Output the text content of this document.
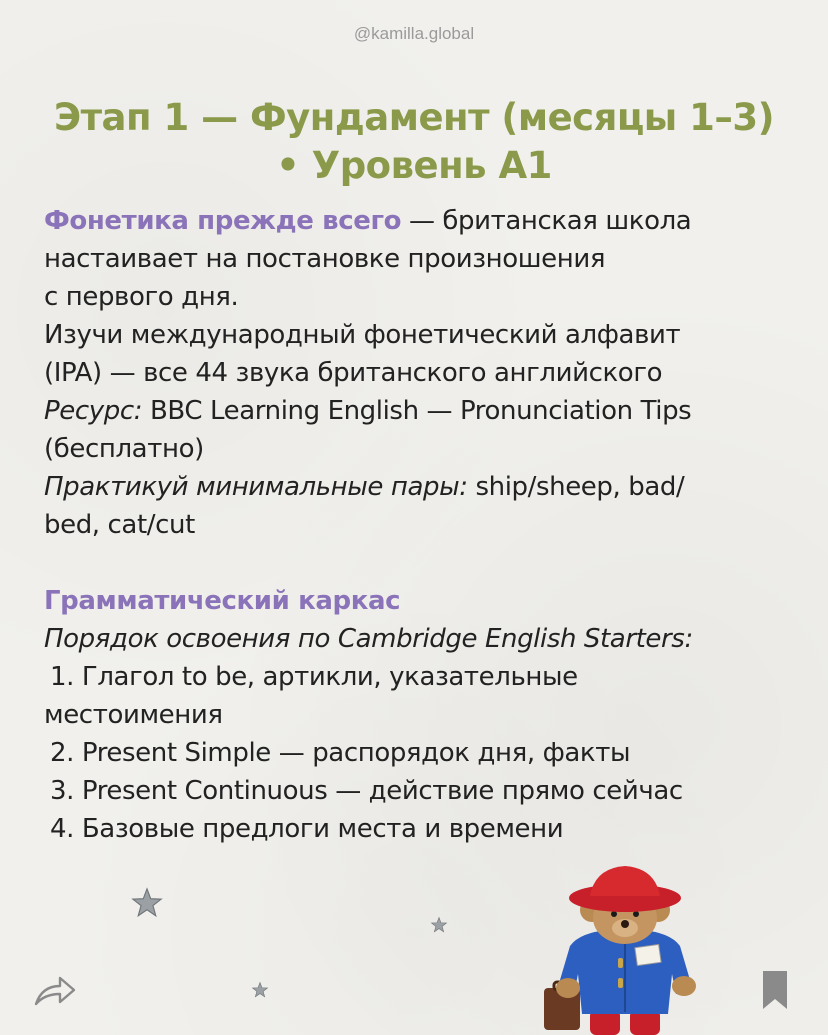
@kamilla.global
Этап 1 — Фундамент (месяцы 1–3)
• Уровень А1

Фонетика прежде всего — британская школа

настаивает на постановке произношения

с первого дня.

Изучи международный фонетический алфавит

(IPA) — все 44 звука британского английского

Ресурс: BBC Learning English — Pronunciation Tips

(бесплатно)

Практикуй минимальные пары: ship/sheep, bad/

bed, cat/cut

Грамматический каркас

Порядок освоения по Cambridge English Starters:

1. Глагол to be, артикли, указательные

местоимения

2. Present Simple — распорядок дня, факты

3. Present Continuous — действие прямо сейчас

4. Базовые предлоги места и времени
